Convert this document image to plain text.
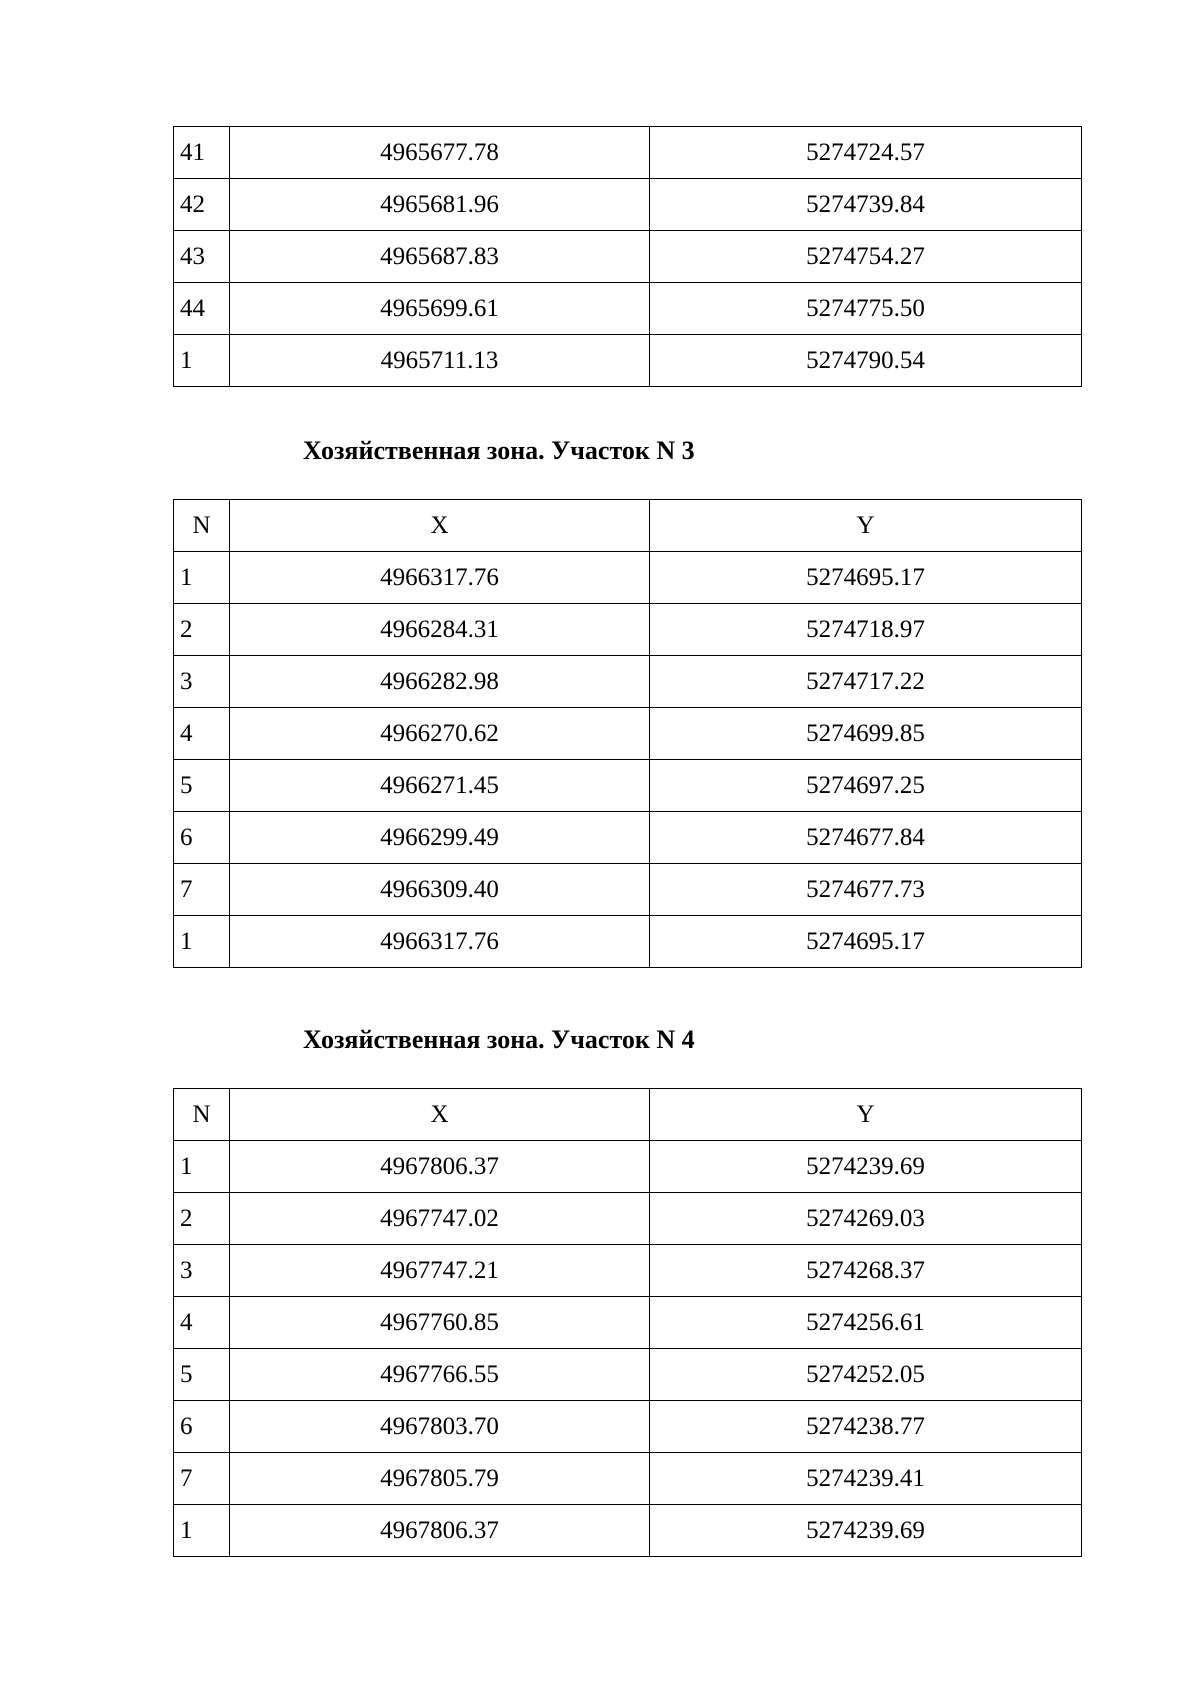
41	4965677.78	5274724.57
42	4965681.96	5274739.84
43	4965687.83	5274754.27
44	4965699.61	5274775.50
1	4965711.13	5274790.54
Хозяйственная зона. Участок N 3
N	X	Y
1	4966317.76	5274695.17
2	4966284.31	5274718.97
3	4966282.98	5274717.22
4	4966270.62	5274699.85
5	4966271.45	5274697.25
6	4966299.49	5274677.84
7	4966309.40	5274677.73
1	4966317.76	5274695.17
Хозяйственная зона. Участок N 4
N	X	Y
1	4967806.37	5274239.69
2	4967747.02	5274269.03
3	4967747.21	5274268.37
4	4967760.85	5274256.61
5	4967766.55	5274252.05
6	4967803.70	5274238.77
7	4967805.79	5274239.41
1	4967806.37	5274239.69
